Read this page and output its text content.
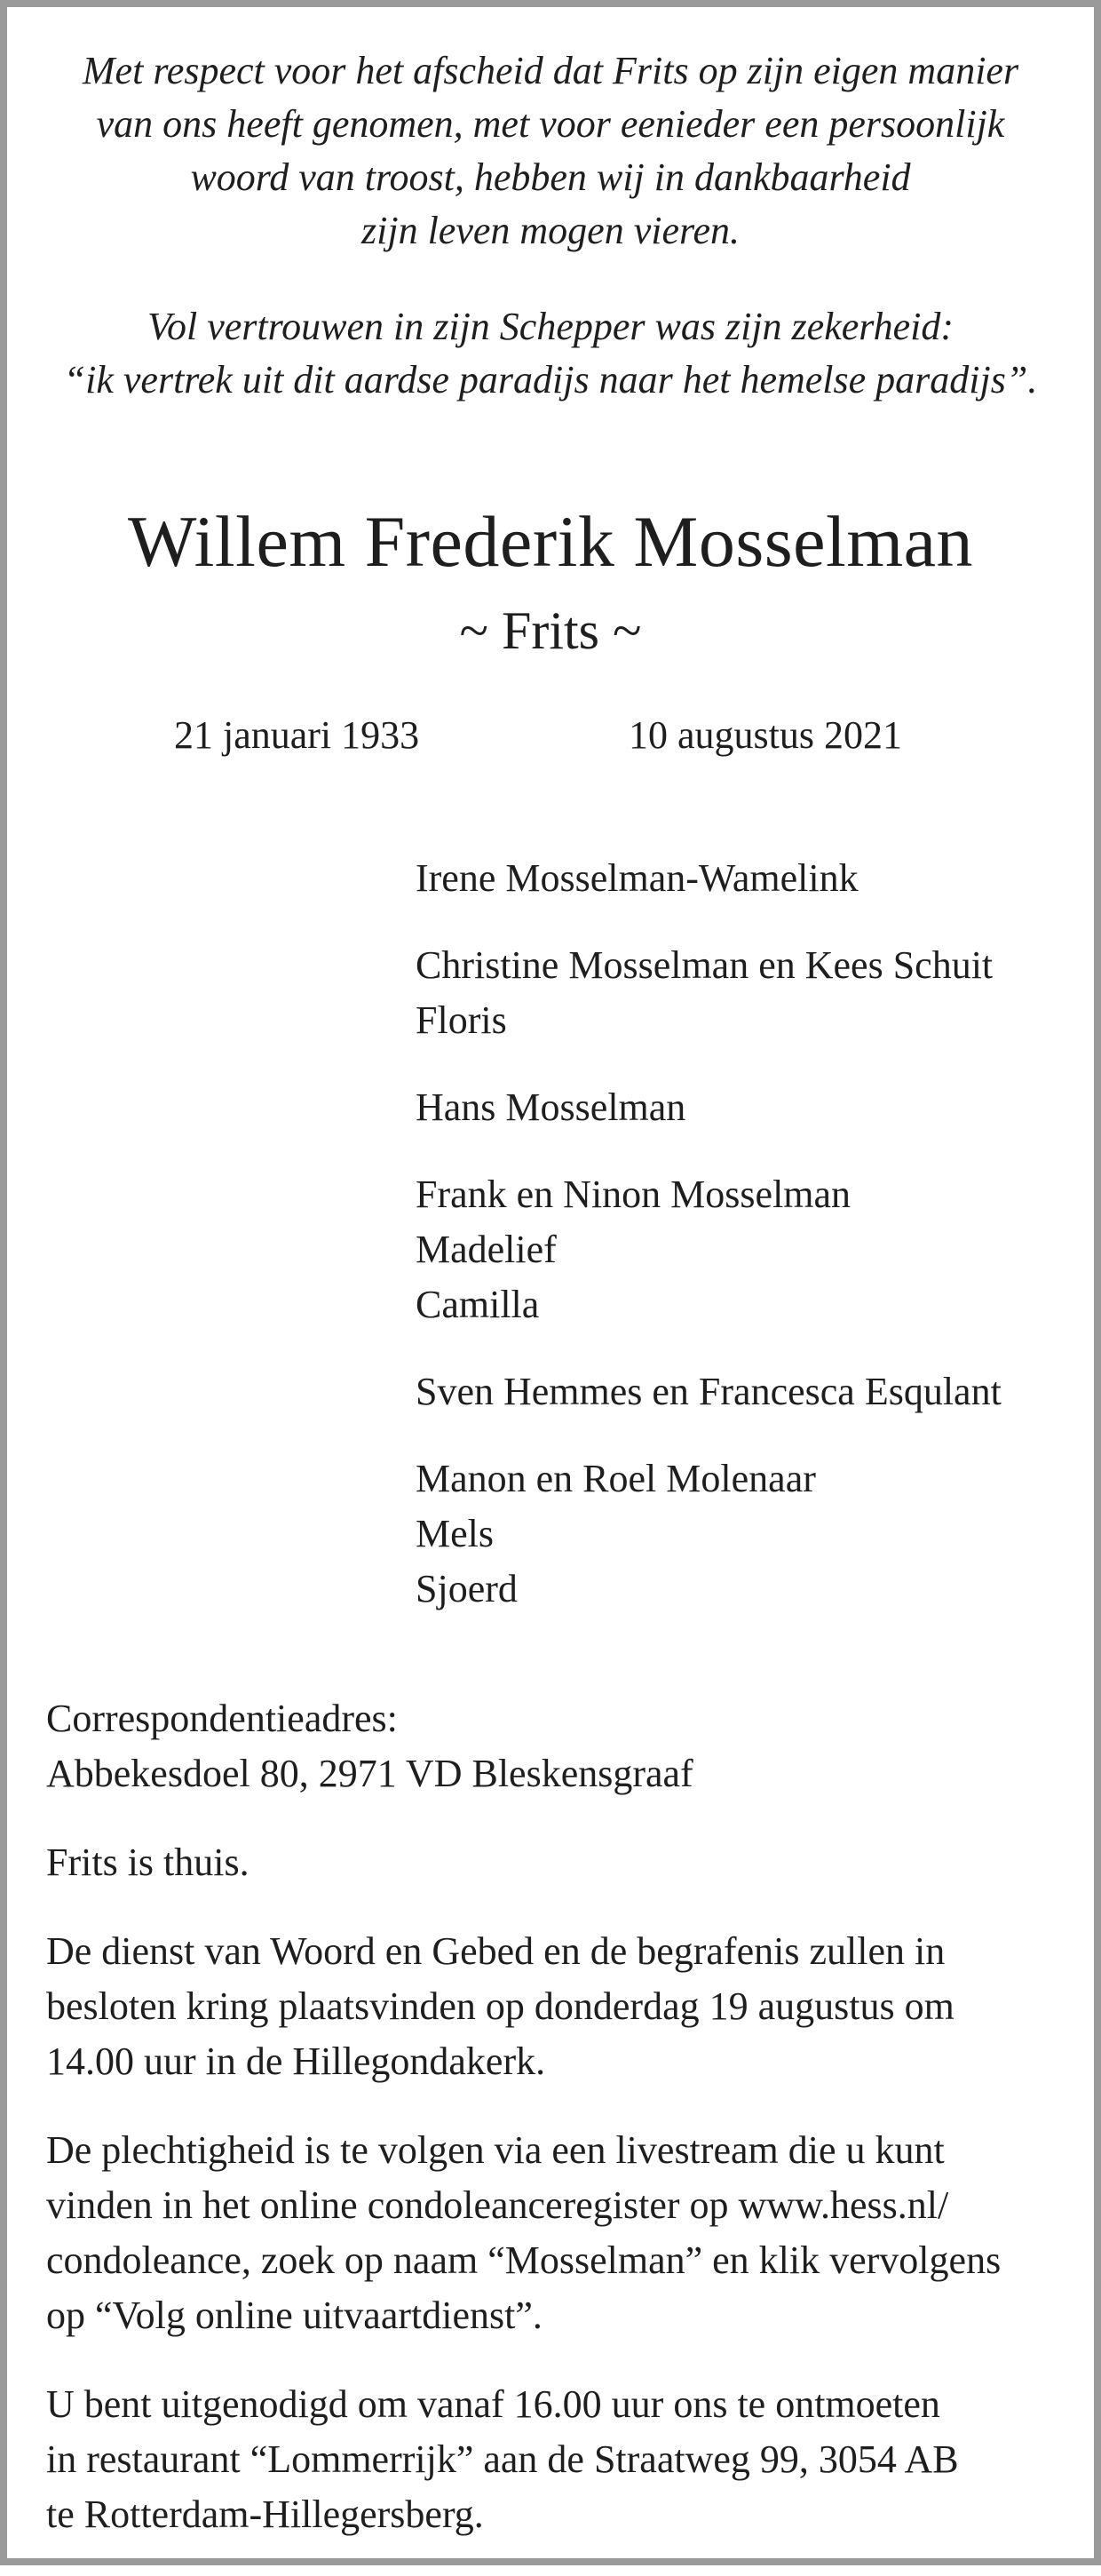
Met respect voor het afscheid dat Frits op zijn eigen manier
van ons heeft genomen, met voor eenieder een persoonlijk
woord van troost, hebben wij in dankbaarheid
zijn leven mogen vieren.

Vol vertrouwen in zijn Schepper was zijn zekerheid:
“ik vertrek uit dit aardse paradijs naar het hemelse paradijs”.

Willem Frederik Mosselman
~ Frits ~
21 januari 1933	10 augustus 2021
Irene Mosselman-Wamelink
Christine Mosselman en Kees Schuit
Floris
Hans Mosselman
Frank en Ninon Mosselman
Madelief
Camilla
Sven Hemmes en Francesca Esqulant
Manon en Roel Molenaar
Mels
Sjoerd
Correspondentieadres:
Abbekesdoel 80, 2971 VD Bleskensgraaf
Frits is thuis.
De dienst van Woord en Gebed en de begrafenis zullen in
besloten kring plaatsvinden op donderdag 19 augustus om
14.00 uur in de Hillegondakerk.
De plechtigheid is te volgen via een livestream die u kunt
vinden in het online condoleanceregister op www.hess.nl/
condoleance, zoek op naam “Mosselman” en klik vervolgens
op “Volg online uitvaartdienst”.
U bent uitgenodigd om vanaf 16.00 uur ons te ontmoeten
in restaurant “Lommerrijk” aan de Straatweg 99, 3054 AB
te Rotterdam-Hillegersberg.
